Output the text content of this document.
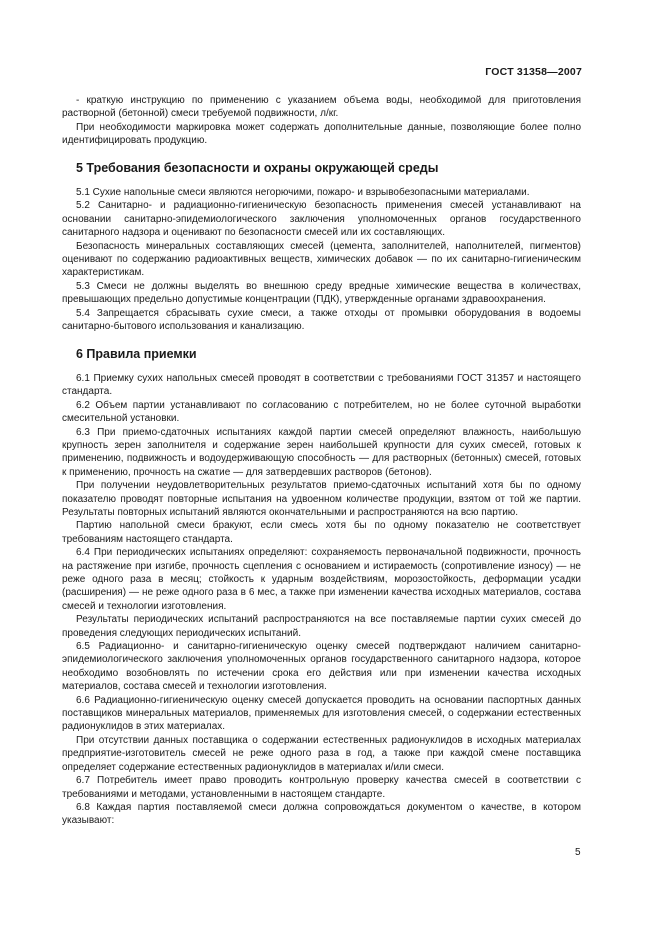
ГОСТ 31358—2007

- краткую инструкцию по применению с указанием объема воды, необходимой для приготовления растворной (бетонной) смеси требуемой подвижности, л/кг.

При необходимости маркировка может содержать дополнительные данные, позволяющие более полно идентифицировать продукцию.

5 Требования безопасности и охраны окружающей среды

5.1 Сухие напольные смеси являются негорючими, пожаро- и взрывобезопасными материалами.

5.2 Санитарно- и радиационно-гигиеническую безопасность применения смесей устанавливают на основании санитарно-эпидемиологического заключения уполномоченных органов государственного санитарного надзора и оценивают по безопасности смесей или их составляющих.

Безопасность минеральных составляющих смесей (цемента, заполнителей, наполнителей, пигментов) оценивают по содержанию радиоактивных веществ, химических добавок — по их санитарно-гигиеническим характеристикам.

5.3 Смеси не должны выделять во внешнюю среду вредные химические вещества в количествах, превышающих предельно допустимые концентрации (ПДК), утвержденные органами здравоохранения.

5.4 Запрещается сбрасывать сухие смеси, а также отходы от промывки оборудования в водоемы санитарно-бытового использования и канализацию.

6 Правила приемки

6.1 Приемку сухих напольных смесей проводят в соответствии с требованиями ГОСТ 31357 и настоящего стандарта.

6.2 Объем партии устанавливают по согласованию с потребителем, но не более суточной выработки смесительной установки.

6.3 При приемо-сдаточных испытаниях каждой партии смесей определяют влажность, наибольшую крупность зерен заполнителя и содержание зерен наибольшей крупности для сухих смесей, готовых к применению, подвижность и водоудерживающую способность — для растворных (бетонных) смесей, готовых к применению, прочность на сжатие — для затвердевших растворов (бетонов).

При получении неудовлетворительных результатов приемо-сдаточных испытаний хотя бы по одному показателю проводят повторные испытания на удвоенном количестве продукции, взятом от той же партии. Результаты повторных испытаний являются окончательными и распространяются на всю партию.

Партию напольной смеси бракуют, если смесь хотя бы по одному показателю не соответствует требованиям настоящего стандарта.

6.4 При периодических испытаниях определяют: сохраняемость первоначальной подвижности, прочность на растяжение при изгибе, прочность сцепления с основанием и истираемость (сопротивление износу) — не реже одного раза в месяц; стойкость к ударным воздействиям, морозостойкость, деформации усадки (расширения) — не реже одного раза в 6 мес, а также при изменении качества исходных материалов, состава смесей и технологии изготовления.

Результаты периодических испытаний распространяются на все поставляемые партии сухих смесей до проведения следующих периодических испытаний.

6.5 Радиационно- и санитарно-гигиеническую оценку смесей подтверждают наличием санитарно-эпидемиологического заключения уполномоченных органов государственного санитарного надзора, которое необходимо возобновлять по истечении срока его действия или при изменении качества исходных материалов, состава смесей и технологии изготовления.

6.6 Радиационно-гигиеническую оценку смесей допускается проводить на основании паспортных данных поставщиков минеральных материалов, применяемых для изготовления смесей, о содержании естественных радионуклидов в этих материалах.

При отсутствии данных поставщика о содержании естественных радионуклидов в исходных материалах предприятие-изготовитель смесей не реже одного раза в год, а также при каждой смене поставщика определяет содержание естественных радионуклидов в материалах и/или смеси.

6.7 Потребитель имеет право проводить контрольную проверку качества смесей в соответствии с требованиями и методами, установленными в настоящем стандарте.

6.8 Каждая партия поставляемой смеси должна сопровождаться документом о качестве, в котором указывают:

5
